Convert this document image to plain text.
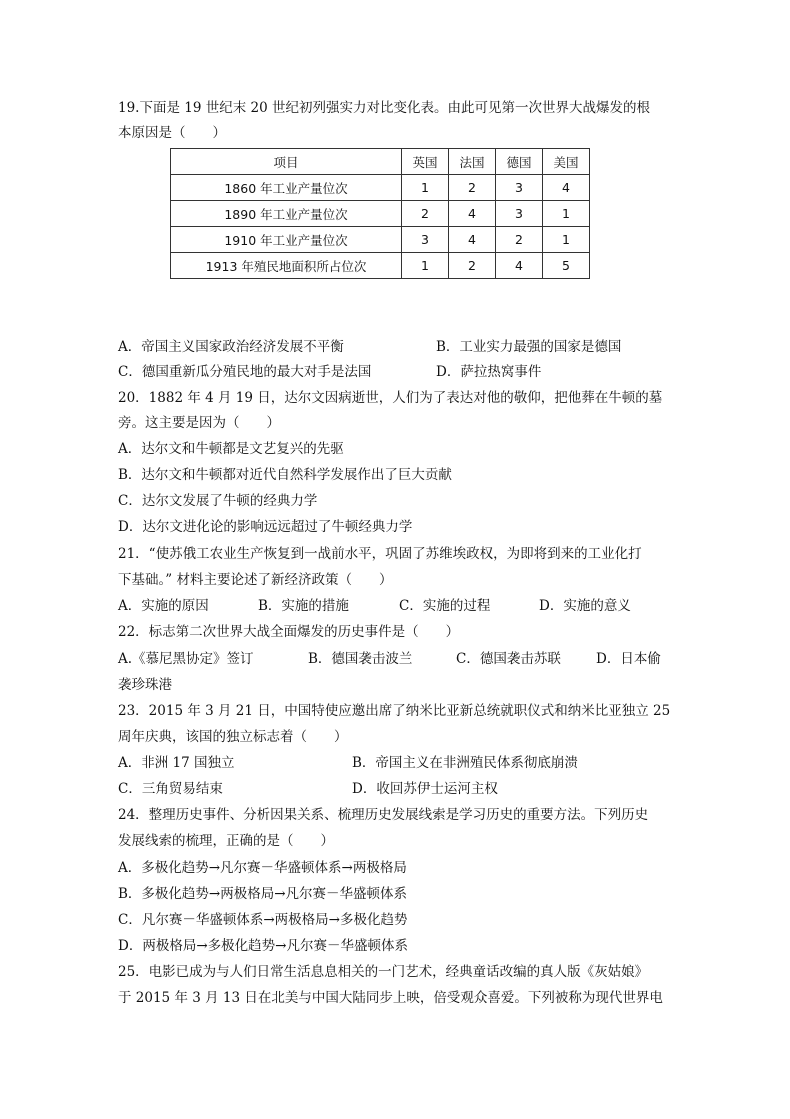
19.下面是 19 世纪末 20 世纪初列强实力对比变化表。由此可见第一次世界大战爆发的根
本原因是（　　）
项目	英国	法国	德国	美国
1860 年工业产量位次	1	2	3	4
1890 年工业产量位次	2	4	3	1
1910 年工业产量位次	3	4	2	1
1913 年殖民地面积所占位次	1	2	4	5
A．帝国主义国家政治经济发展不平衡	B．工业实力最强的国家是德国
C．德国重新瓜分殖民地的最大对手是法国	D．萨拉热窝事件
20．1882 年 4 月 19 日，达尔文因病逝世，人们为了表达对他的敬仰，把他葬在牛顿的墓
旁。这主要是因为（　　）
A．达尔文和牛顿都是文艺复兴的先驱
B．达尔文和牛顿都对近代自然科学发展作出了巨大贡献
C．达尔文发展了牛顿的经典力学
D．达尔文进化论的影响远远超过了牛顿经典力学
21．“使苏俄工农业生产恢复到一战前水平，巩固了苏维埃政权，为即将到来的工业化打
下基础。” 材料主要论述了新经济政策（　　）
A．实施的原因	B．实施的措施	C．实施的过程	D．实施的意义
22．标志第二次世界大战全面爆发的历史事件是（　　）
A.《慕尼黑协定》签订	B．德国袭击波兰	C．德国袭击苏联	D．日本偷
袭珍珠港
23．2015 年 3 月 21 日，中国特使应邀出席了纳米比亚新总统就职仪式和纳米比亚独立 25
周年庆典，该国的独立标志着（　　）
A．非洲 17 国独立	B．帝国主义在非洲殖民体系彻底崩溃
C．三角贸易结束	D．收回苏伊士运河主权
24．整理历史事件、分析因果关系、梳理历史发展线索是学习历史的重要方法。下列历史
发展线索的梳理，正确的是（　　）
A．多极化趋势→凡尔赛－华盛顿体系→两极格局
B．多极化趋势→两极格局→凡尔赛－华盛顿体系
C．凡尔赛－华盛顿体系→两极格局→多极化趋势
D．两极格局→多极化趋势→凡尔赛－华盛顿体系
25．电影已成为与人们日常生活息息相关的一门艺术，经典童话改编的真人版《灰姑娘》
于 2015 年 3 月 13 日在北美与中国大陆同步上映，倍受观众喜爱。下列被称为现代世界电
